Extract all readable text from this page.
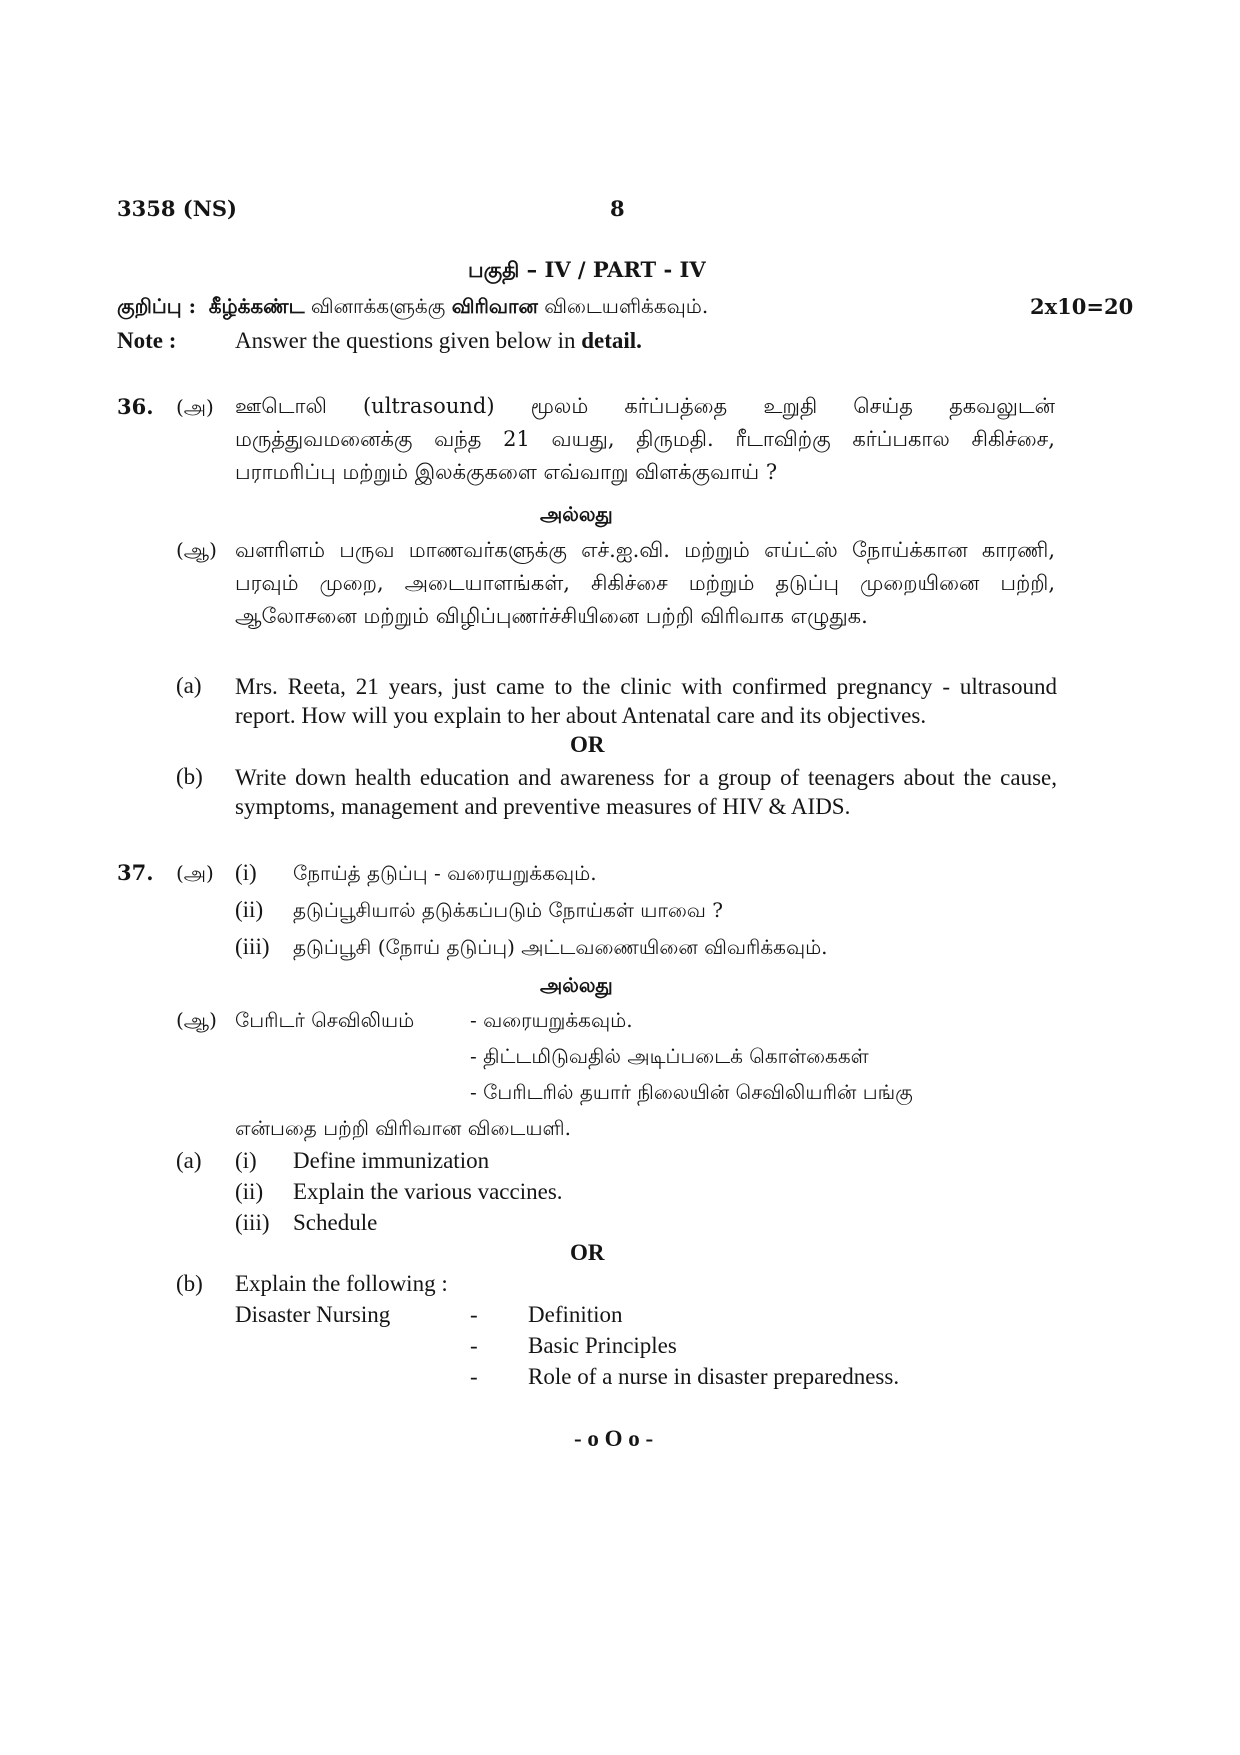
3358 (NS)	8
பகுதி – IV / PART - IV
குறிப்பு : கீழ்க்கண்ட வினாக்களுக்கு விரிவான விடையளிக்கவும்.	2x10=20
Note :	Answer the questions given below in detail.
36. (அ) ஊடொலி (ultrasound) மூலம் கர்ப்பத்தை உறுதி செய்த தகவலுடன் மருத்துவமனைக்கு வந்த 21 வயது, திருமதி. ரீடாவிற்கு கர்ப்பகால சிகிச்சை, பராமரிப்பு மற்றும் இலக்குகளை எவ்வாறு விளக்குவாய் ?
அல்லது
(ஆ) வளரிளம் பருவ மாணவர்களுக்கு எச்.ஐ.வி. மற்றும் எய்ட்ஸ் நோய்க்கான காரணி, பரவும் முறை, அடையாளங்கள், சிகிச்சை மற்றும் தடுப்பு முறையினை பற்றி, ஆலோசனை மற்றும் விழிப்புணர்ச்சியினை பற்றி விரிவாக எழுதுக.
(a) Mrs. Reeta, 21 years, just came to the clinic with confirmed pregnancy - ultrasound report. How will you explain to her about Antenatal care and its objectives.
OR
(b) Write down health education and awareness for a group of teenagers about the cause, symptoms, management and preventive measures of HIV & AIDS.
37. (அ) (i) நோய்த் தடுப்பு - வரையறுக்கவும்.
(ii) தடுப்பூசியால் தடுக்கப்படும் நோய்கள் யாவை ?
(iii) தடுப்பூசி (நோய் தடுப்பு) அட்டவணையினை விவரிக்கவும்.
அல்லது
(ஆ) பேரிடர் செவிலியம்	- வரையறுக்கவும்.
- திட்டமிடுவதில் அடிப்படைக் கொள்கைகள்
- பேரிடரில் தயார் நிலையின் செவிலியரின் பங்கு
என்பதை பற்றி விரிவான விடையளி.
(a) (i) Define immunization
(ii) Explain the various vaccines.
(iii) Schedule
OR
(b) Explain the following :
Disaster Nursing	- Definition
- Basic Principles
- Role of a nurse in disaster preparedness.
- o O o -
